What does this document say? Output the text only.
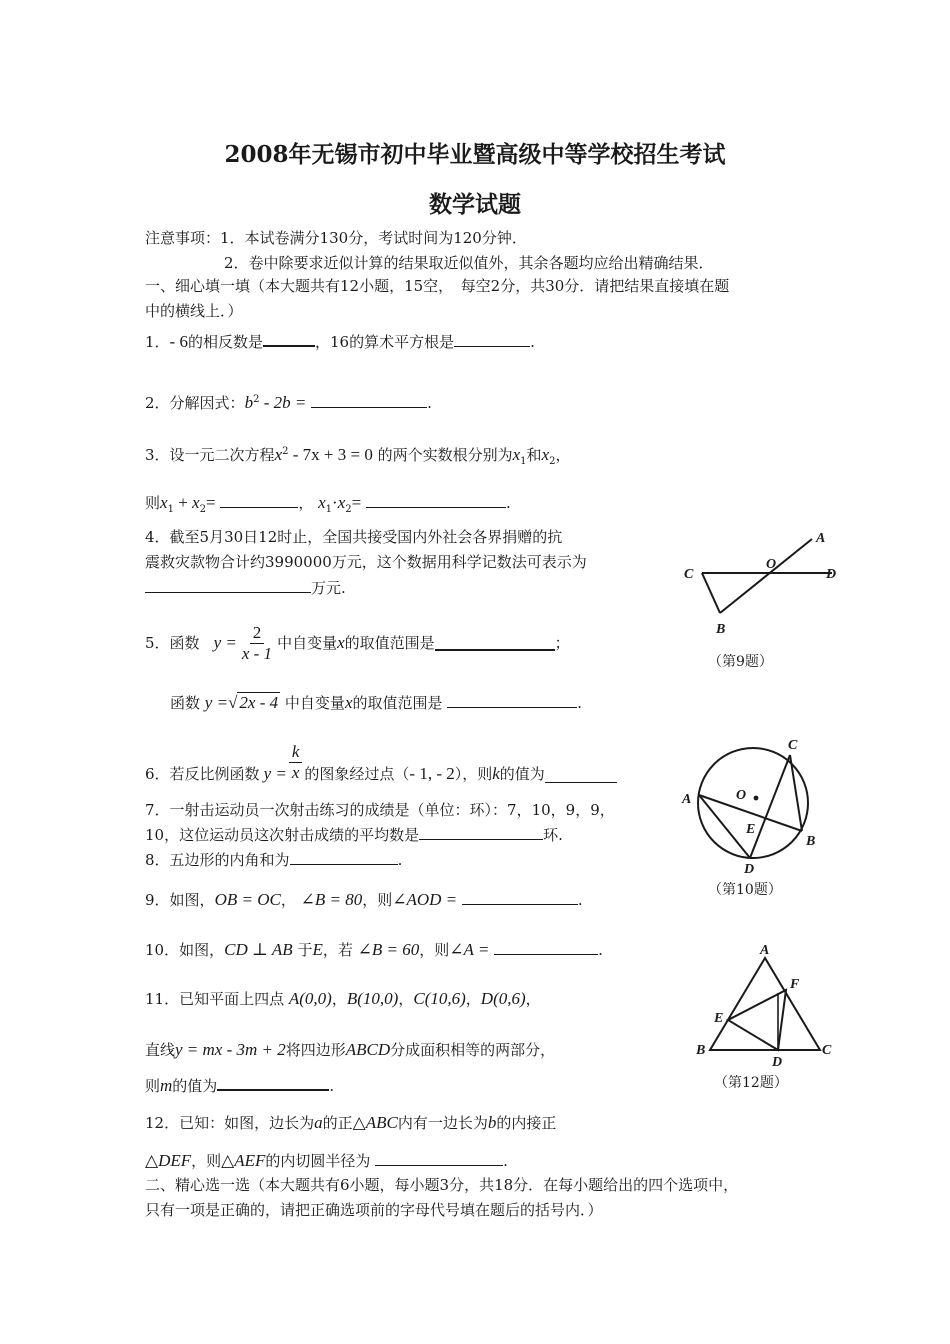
2008年无锡市初中毕业暨高级中等学校招生考试
数学试题
注意事项：1．本试卷满分130分，考试时间为120分钟．
2．卷中除要求近似计算的结果取近似值外，其余各题均应给出精确结果．
一、细心填一填（本大题共有12小题，15空，　每空2分，共30分．请把结果直接填在题
中的横线上．）
1．- 6的相反数是	，16的算术平方根是	.
2．分解因式：$b^2 - 2b$ =	.
3．设一元二次方程$x^2 - 7x + 3 = 0$ 的两个实数根分别为$x_1$和$x_2$，
则$x_1 + x_2=$	， $x_1\cdot x_2=$	.
4．截至5月30日12时止，全国共接受国内外社会各界捐赠的抗
震救灾款物合计约3990000万元，这个数据用科学记数法可表示为
万元.
5． 函数 $y = \frac{2}{x - 1}$ 中自变量 x 的取值范围是	；
函数 y =√ 2x - 4 中自变量x的取值范围是	.
6． 若反比例函数 $y = \frac{k}{x}$ 的图象经过点（ - 1, - 2 ），则 k 的值为
7．一射击运动员一次射击练习的成绩是（单位：环）：7，10，9，9，
10，这位运动员这次射击成绩的平均数是	环.
8．五边形的内角和为	.
9．如图，OB = OC， ∠B = 80，则∠AOD =	.
10．如图，CD ⊥ AB 于E，若 ∠B = 60，则∠A =	.
11．已知平面上四点 A(0,0)，B(10,0)，C(10,6)，D(0,6)，
直线y = mx - 3m + 2将四边形ABCD分成面积相等的两部分，
则m的值为	.
12．已知：如图，边长为a的正△ABC内有一边长为b的内接正
△DEF，则△AEF的内切圆半径为	.
二、精心选一选（本大题共有6小题，每小题3分，共18分．在每小题给出的四个选项中，
只有一项是正确的，请把正确选项前的字母代号填在题后的括号内．）
A
C
O
D
B
（第9题）
C
A	O
E
B
D
（第10题）
A
F
E
B
D
C
（第12题）
